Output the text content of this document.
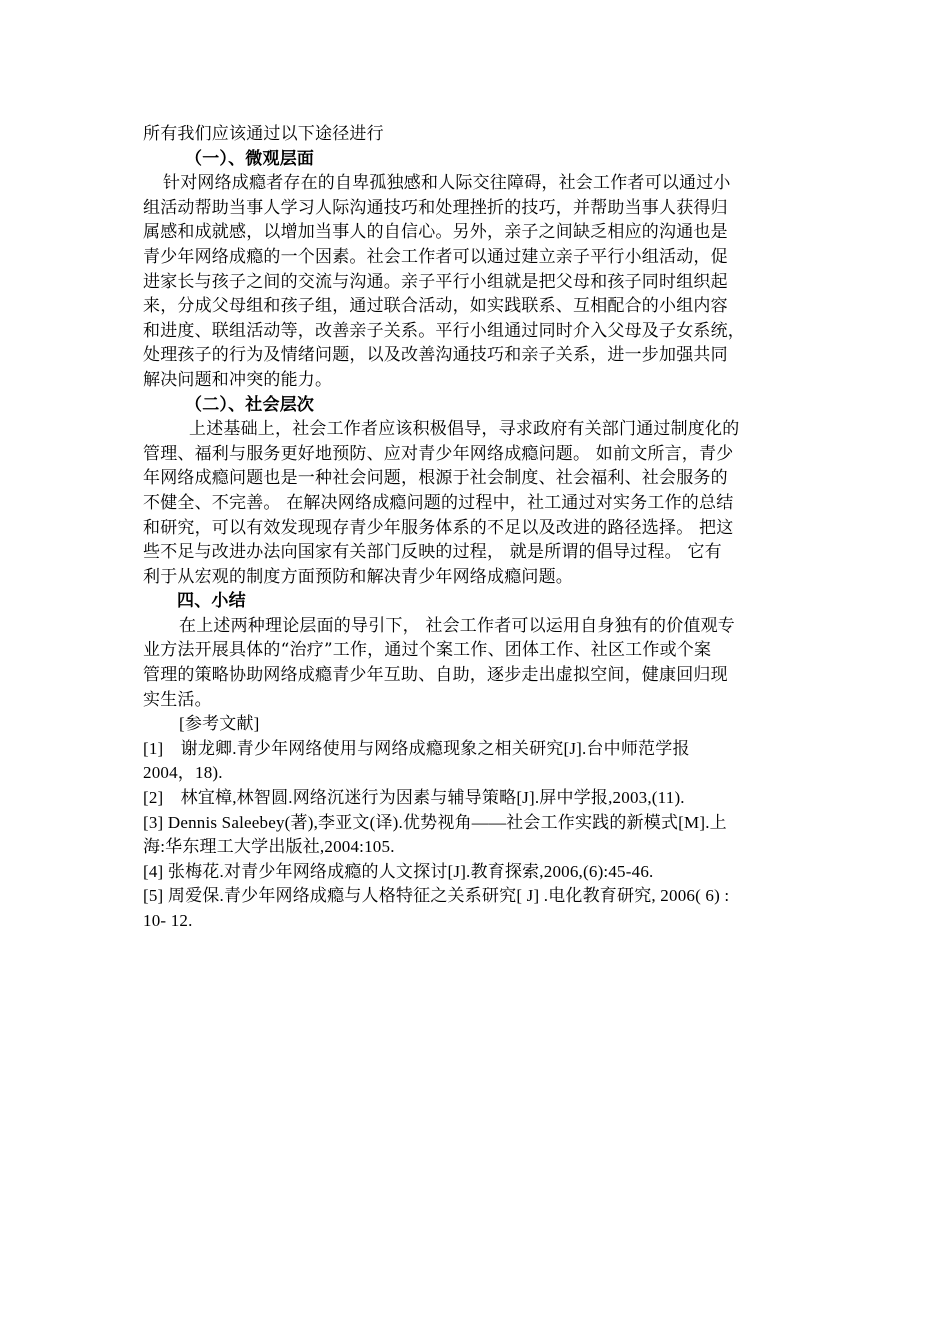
所有我们应该通过以下途径进行
（一）、微观层面
针对网络成瘾者存在的自卑孤独感和人际交往障碍，社会工作者可以通过小
组活动帮助当事人学习人际沟通技巧和处理挫折的技巧，并帮助当事人获得归
属感和成就感，以增加当事人的自信心。另外，亲子之间缺乏相应的沟通也是
青少年网络成瘾的一个因素。社会工作者可以通过建立亲子平行小组活动，促
进家长与孩子之间的交流与沟通。亲子平行小组就是把父母和孩子同时组织起
来，分成父母组和孩子组，通过联合活动，如实践联系、互相配合的小组内容
和进度、联组活动等，改善亲子关系。平行小组通过同时介入父母及子女系统，
处理孩子的行为及情绪问题，以及改善沟通技巧和亲子关系，进一步加强共同
解决问题和冲突的能力。
（二）、社会层次
上述基础上，社会工作者应该积极倡导，寻求政府有关部门通过制度化的
管理、福利与服务更好地预防、应对青少年网络成瘾问题。 如前文所言，青少
年网络成瘾问题也是一种社会问题，根源于社会制度、社会福利、社会服务的
不健全、不完善。 在解决网络成瘾问题的过程中，社工通过对实务工作的总结
和研究，可以有效发现现存青少年服务体系的不足以及改进的路径选择。 把这
些不足与改进办法向国家有关部门反映的过程， 就是所谓的倡导过程。 它有
利于从宏观的制度方面预防和解决青少年网络成瘾问题。
四、小结
在上述两种理论层面的导引下， 社会工作者可以运用自身独有的价值观专
业方法开展具体的“治疗”工作，通过个案工作、团体工作、社区工作或个案
管理的策略协助网络成瘾青少年互助、自助，逐步走出虚拟空间，健康回归现
实生活。
[参考文献]
[1]　谢龙卿.青少年网络使用与网络成瘾现象之相关研究[J].台中师范学报
2004，18).
[2]　林宜樟,林智圆.网络沉迷行为因素与辅导策略[J].屏中学报,2003,(11).
[3] Dennis Saleebey(著),李亚文(译).优势视角——社会工作实践的新模式[M].上
海:华东理工大学出版社,2004:105.
[4] 张梅花.对青少年网络成瘾的人文探讨[J].教育探索,2006,(6):45-46.
[5] 周爱保.青少年网络成瘾与人格特征之关系研究[ J] .电化教育研究, 2006( 6) :
10- 12.
